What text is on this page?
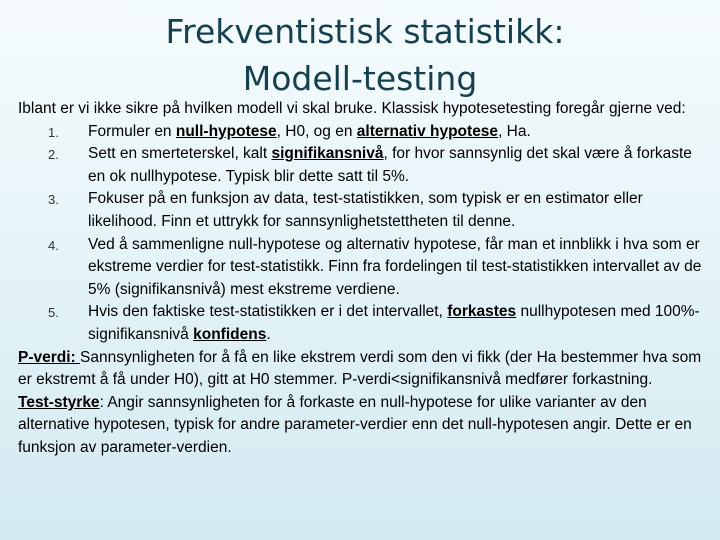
Frekventistisk statistikk:
Modell-testing

Iblant er vi ikke sikre på hvilken modell vi skal bruke. Klassisk hypotesetesting foregår gjerne ved:

1. Formuler en null-hypotese, H0, og en alternativ hypotese, Ha.
2. Sett en smerteterskel, kalt signifikansnivå, for hvor sannsynlig det skal være å forkaste en ok nullhypotese. Typisk blir dette satt til 5%.
3. Fokuser på en funksjon av data, test-statistikken, som typisk er en estimator eller likelihood. Finn et uttrykk for sannsynlighetstettheten til denne.
4. Ved å sammenligne null-hypotese og alternativ hypotese, får man et innblikk i hva som er ekstreme verdier for test-statistikk. Finn fra fordelingen til test-statistikken intervallet av de 5% (signifikansnivå) mest ekstreme verdiene.
5. Hvis den faktiske test-statistikken er i det intervallet, forkastes nullhypotesen med 100%-signifikansnivå konfidens.

P-verdi: Sannsynligheten for å få en like ekstrem verdi som den vi fikk (der Ha bestemmer hva som er ekstremt å få under H0), gitt at H0 stemmer. P-verdi<signifikansnivå medfører forkastning.

Test-styrke: Angir sannsynligheten for å forkaste en null-hypotese for ulike varianter av den alternative hypotesen, typisk for andre parameter-verdier enn det null-hypotesen angir. Dette er en funksjon av parameter-verdien.
